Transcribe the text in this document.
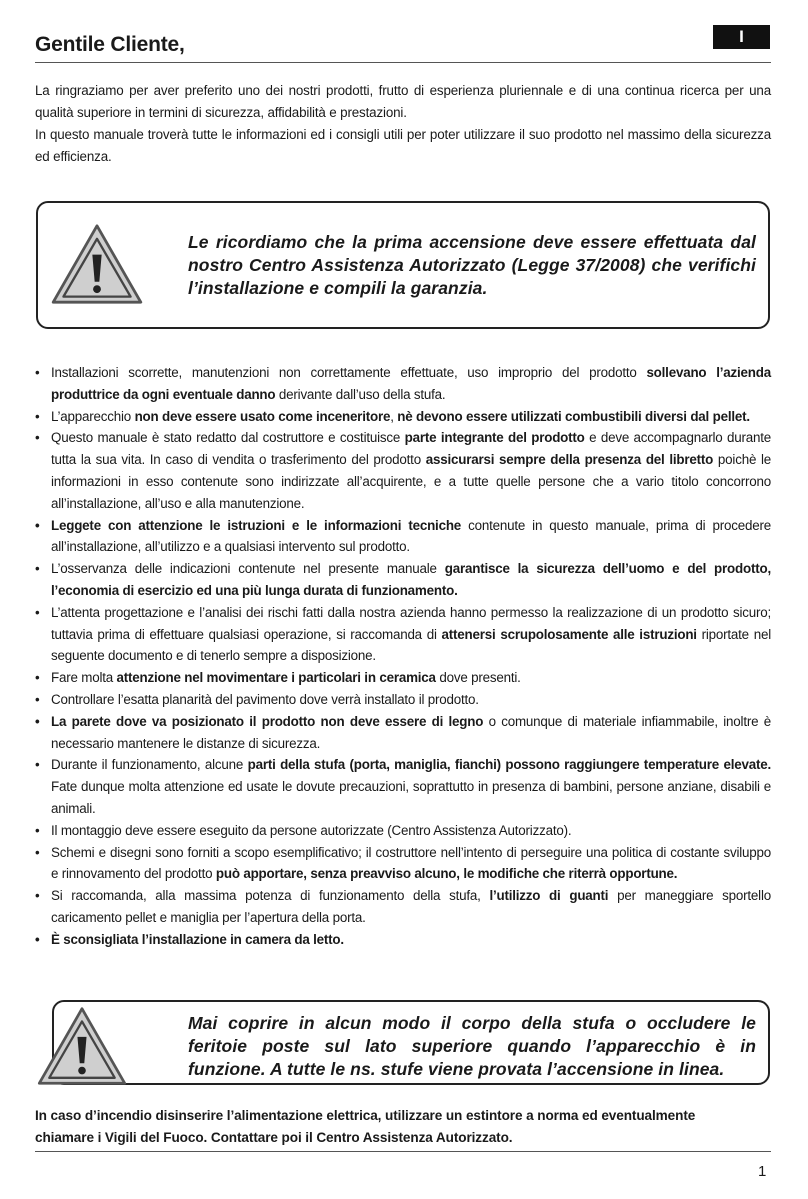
Gentile Cliente,	I

La ringraziamo per aver preferito uno dei nostri prodotti, frutto di esperienza pluriennale e di una continua ricerca per una qualità superiore in termini di sicurezza, affidabilità e prestazioni.

In questo manuale troverà tutte le informazioni ed i consigli utili per poter utilizzare il suo prodotto nel massimo della sicurezza ed efficienza.

Le ricordiamo che la prima accensione deve essere effettuata dal nostro Centro Assistenza Autorizzato (Legge 37/2008) che verifichi l’installazione e compili la garanzia.
• Installazioni scorrette, manutenzioni non correttamente effettuate, uso improprio del prodotto sollevano l’azienda produttrice da ogni eventuale danno derivante dall’uso della stufa.
• L’apparecchio non deve essere usato come inceneritore, nè devono essere utilizzati combustibili diversi dal pellet.
• Questo manuale è stato redatto dal costruttore e costituisce parte integrante del prodotto e deve accompagnarlo durante tutta la sua vita. In caso di vendita o trasferimento del prodotto assicurarsi sempre della presenza del libretto poichè le informazioni in esso contenute sono indirizzate all’acquirente, e a tutte quelle persone che a vario titolo concorrono all’installazione, all’uso e alla manutenzione.
• Leggete con attenzione le istruzioni e le informazioni tecniche contenute in questo manuale, prima di procedere all’installazione, all’utilizzo e a qualsiasi intervento sul prodotto.
• L’osservanza delle indicazioni contenute nel presente manuale garantisce la sicurezza dell’uomo e del prodotto, l’economia di esercizio ed una più lunga durata di funzionamento.
• L’attenta progettazione e l’analisi dei rischi fatti dalla nostra azienda hanno permesso la realizzazione di un prodotto sicuro; tuttavia prima di effettuare qualsiasi operazione, si raccomanda di attenersi scrupolosamente alle istruzioni riportate nel seguente documento e di tenerlo sempre a disposizione.
• Fare molta attenzione nel movimentare i particolari in ceramica dove presenti.
• Controllare l’esatta planarità del pavimento dove verrà installato il prodotto.
• La parete dove va posizionato il prodotto non deve essere di legno o comunque di materiale infiammabile, inoltre è necessario mantenere le distanze di sicurezza.
• Durante il funzionamento, alcune parti della stufa (porta, maniglia, fianchi) possono raggiungere temperature elevate. Fate dunque molta attenzione ed usate le dovute precauzioni, soprattutto in presenza di bambini, persone anziane, disabili e animali.
• Il montaggio deve essere eseguito da persone autorizzate (Centro Assistenza Autorizzato).
• Schemi e disegni sono forniti a scopo esemplificativo; il costruttore nell’intento di perseguire una politica di costante sviluppo e rinnovamento del prodotto può apportare, senza preavviso alcuno, le modifiche che riterrà opportune.
• Si raccomanda, alla massima potenza di funzionamento della stufa, l’utilizzo di guanti per maneggiare sportello caricamento pellet e maniglia per l’apertura della porta.
• È sconsigliata l’installazione in camera da letto.
Mai coprire in alcun modo il corpo della stufa o occludere le feritoie poste sul lato superiore quando l’apparecchio è in funzione. A tutte le ns. stufe viene provata l’accensione in linea.

In caso d’incendio disinserire l’alimentazione elettrica, utilizzare un estintore a norma ed eventualmente

chiamare i Vigili del Fuoco. Contattare poi il Centro Assistenza Autorizzato.

1
